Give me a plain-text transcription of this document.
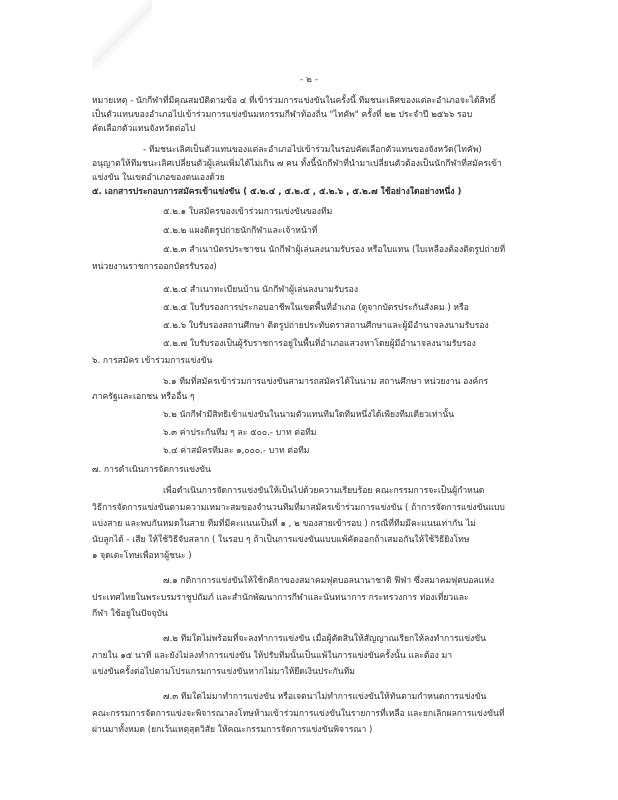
- ๒ -
หมายเหตุ - นักกีฬาที่มีคุณสมบัติตามข้อ ๔ ที่เข้าร่วมการแข่งขันในครั้งนี้ ทีมชนะเลิศของแต่ละอำเภอจะได้สิทธิ์
เป็นตัวแทนของอำเภอไปเข้าร่วมการแข่งขันมหกรรมกีฬาท้องถิ่น "ไทคัพ" ครั้งที่ ๒๒ ประจำปี ๒๕๖๖ รอบ
คัดเลือกตัวแทนจังหวัดต่อไป
- ทีมชนะเลิศเป็นตัวแทนของแต่ละอำเภอไปเข้าร่วมในรอบคัดเลือกตัวแทนของจังหวัด(ไทคัพ)
อนุญาตให้ทีมชนะเลิศเปลี่ยนตัวผู้เล่นเพิ่มได้ไม่เกิน ๗ คน ทั้งนี้นักกีฬาที่นำมาเปลี่ยนตัวต้องเป็นนักกีฬาที่สมัครเข้า
แข่งขัน ในเขตอำเภอของตนเองด้วย
๕. เอกสารประกอบการสมัครเข้าแข่งขัน ( ๕.๒.๔ , ๕.๒.๕ , ๕.๒.๖ , ๕.๒.๗ ใช้อย่างใดอย่างหนึ่ง )
๕.๒.๑ ใบสมัครของเข้าร่วมการแข่งขันของทีม
๕.๒.๒ แผงติดรูปถ่ายนักกีฬาและเจ้าหน้าที่
๕.๒.๓ สำเนาบัตรประชาชน นักกีฬาผู้เล่นลงนามรับรอง หรือใบแทน (ใบเหลืองต้องติดรูปถ่ายที่
หน่วยงานราชการออกบัตรรับรอง)
๕.๒.๔ สำเนาทะเบียนบ้าน นักกีฬาผู้เล่นลงนามรับรอง
๕.๒.๕ ใบรับรองการประกอบอาชีพในเขตพื้นที่อำเภอ (ดูจากบัตรประกันสังคม ) หรือ
๕.๒.๖ ใบรับรองสถานศึกษา ติดรูปถ่ายประทับตราสถานศึกษาและผู้มีอำนาจลงนามรับรอง
๕.๒.๗ ใบรับรองเป็นผู้รับราชการอยู่ในพื้นที่อำเภอแสวงหาโดยผู้มีอำนาจลงนามรับรอง
๖. การสมัคร เข้าร่วมการแข่งขัน
๖.๑ ทีมที่สมัครเข้าร่วมการแข่งขันสามารถสมัครได้ในนาม สถานศึกษา หน่วยงาน องค์กร
ภาครัฐและเอกชน หรืออื่น ๆ
๖.๒ นักกีฬามีสิทธิเข้าแข่งขันในนามตัวแทนทีมใดทีมหนึ่งได้เพียงทีมเดียวเท่านั้น
๖.๓ ค่าประกันทีม ๆ ละ ๕๐๐.- บาท ต่อทีม
๖.๔ ค่าสมัครทีมละ ๑,๐๐๐.- บาท ต่อทีม
๗. การดำเนินการจัดการแข่งขัน
เพื่อดำเนินการจัดการแข่งขันให้เป็นไปด้วยความเรียบร้อย คณะกรรมการจะเป็นผู้กำหนด
วิธีการจัดการแข่งขันตามความเหมาะสมของจำนวนทีมที่มาสมัครเข้าร่วมการแข่งขัน ( ถ้าการจัดการแข่งขันแบบ
แบ่งสาย และพบกันหมดในสาย ทีมที่มีคะแนนเป็นที่ ๑ , ๒ ของสายเข้ารอบ ) กรณีที่ทีมมีคะแนนเท่ากัน ไม่
นับลูกได้ - เสีย ให้ใช้วิธีจับสลาก ( ในรอบ ๆ ถ้าเป็นการแข่งขันแบบแพ้คัดออกถ้าเสมอกันให้ใช้วิธียิงโทษ
๑ จุดเตะโทษเพื่อหาผู้ชนะ )
๗.๑ กติกาการแข่งขันให้ใช้กติกาของสมาคมฟุตบอลนานาชาติ ฟีฟ่า ซึ่งสมาคมฟุตบอลแห่ง
ประเทศไทยในพระบรมราชูปถัมภ์ และสำนักพัฒนาการกีฬาและนันทนาการ กระทรวงการ ท่องเที่ยวและ
กีฬา ใช้อยู่ในปัจจุบัน
๗.๒ ทีมใดไม่พร้อมที่จะลงทำการแข่งขัน เมื่อผู้ตัดสินให้สัญญาณเรียกให้ลงทำการแข่งขัน
ภายใน ๑๕ นาที และยังไม่ลงทำการแข่งขัน ให้ปรับทีมนั้นเป็นแพ้ในการแข่งขันครั้งนั้น และต้อง มา
แข่งขันครั้งต่อไปตามโปรแกรมการแข่งขันหากไม่มาให้ยึดเงินประกันทีม
๗.๓ ทีมใดไม่มาทำการแข่งขัน หรือเจตนาไม่ทำการแข่งขันให้ทันตามกำหนดการแข่งขัน
คณะกรรมการจัดการแข่งจะพิจารณาลงโทษห้ามเข้าร่วมการแข่งขันในรายการที่เหลือ และยกเลิกผลการแข่งขันที่
ผ่านมาทั้งหมด (ยกเว้นเหตุสุดวิสัย ให้คณะกรรมการจัดการแข่งขันพิจารณา )
